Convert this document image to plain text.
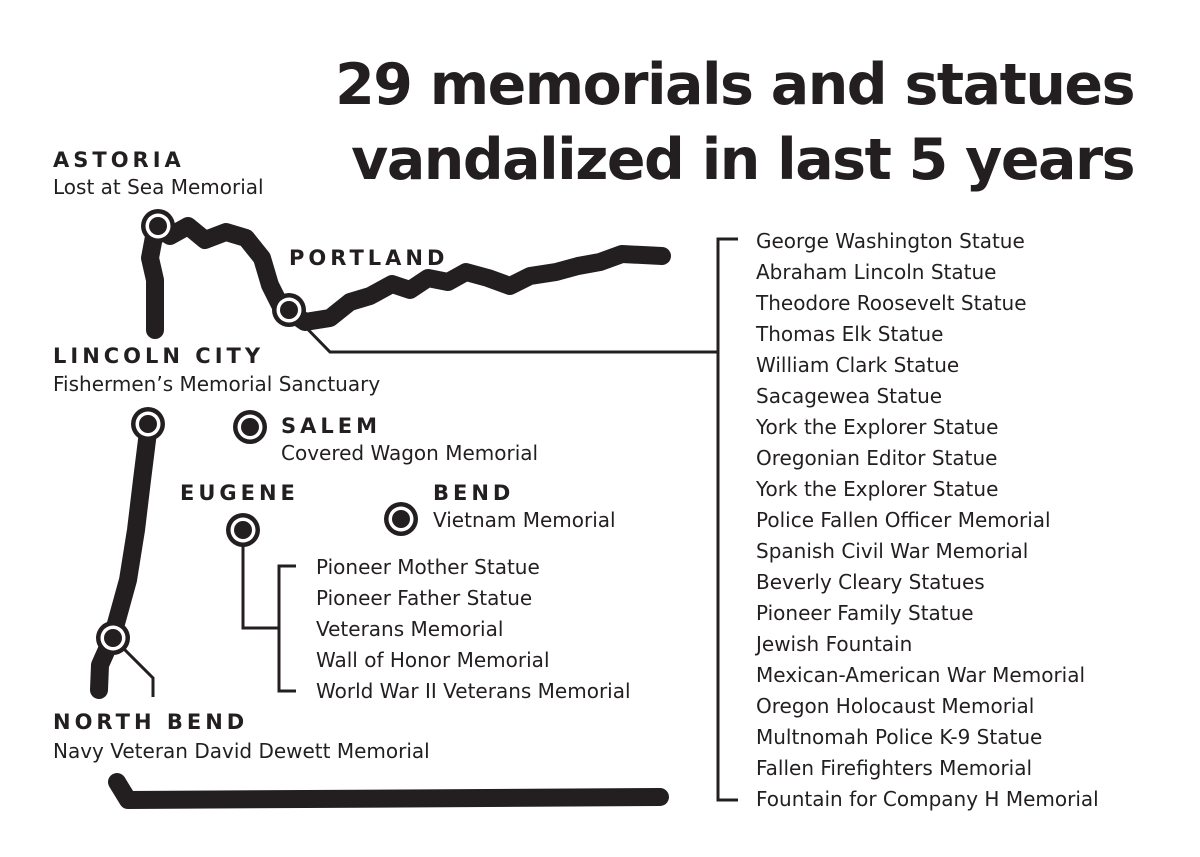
29 memorials and statues
vandalized in last 5 years
ASTORIA
Lost at Sea Memorial
PORTLAND
George Washington Statue
Abraham Lincoln Statue
Theodore Roosevelt Statue
Thomas Elk Statue
William Clark Statue
Sacagewea Statue
York the Explorer Statue
Oregonian Editor Statue
York the Explorer Statue
Police Fallen Officer Memorial
Spanish Civil War Memorial
Beverly Cleary Statues
Pioneer Family Statue
Jewish Fountain
Mexican-American War Memorial
Oregon Holocaust Memorial
Multnomah Police K-9 Statue
Fallen Firefighters Memorial
Fountain for Company H Memorial
LINCOLN CITY
Fishermen’s Memorial Sanctuary
SALEM
Covered Wagon Memorial
EUGENE
Pioneer Mother Statue
Pioneer Father Statue
Veterans Memorial
Wall of Honor Memorial
World War II Veterans Memorial
BEND
Vietnam Memorial
NORTH BEND
Navy Veteran David Dewett Memorial
